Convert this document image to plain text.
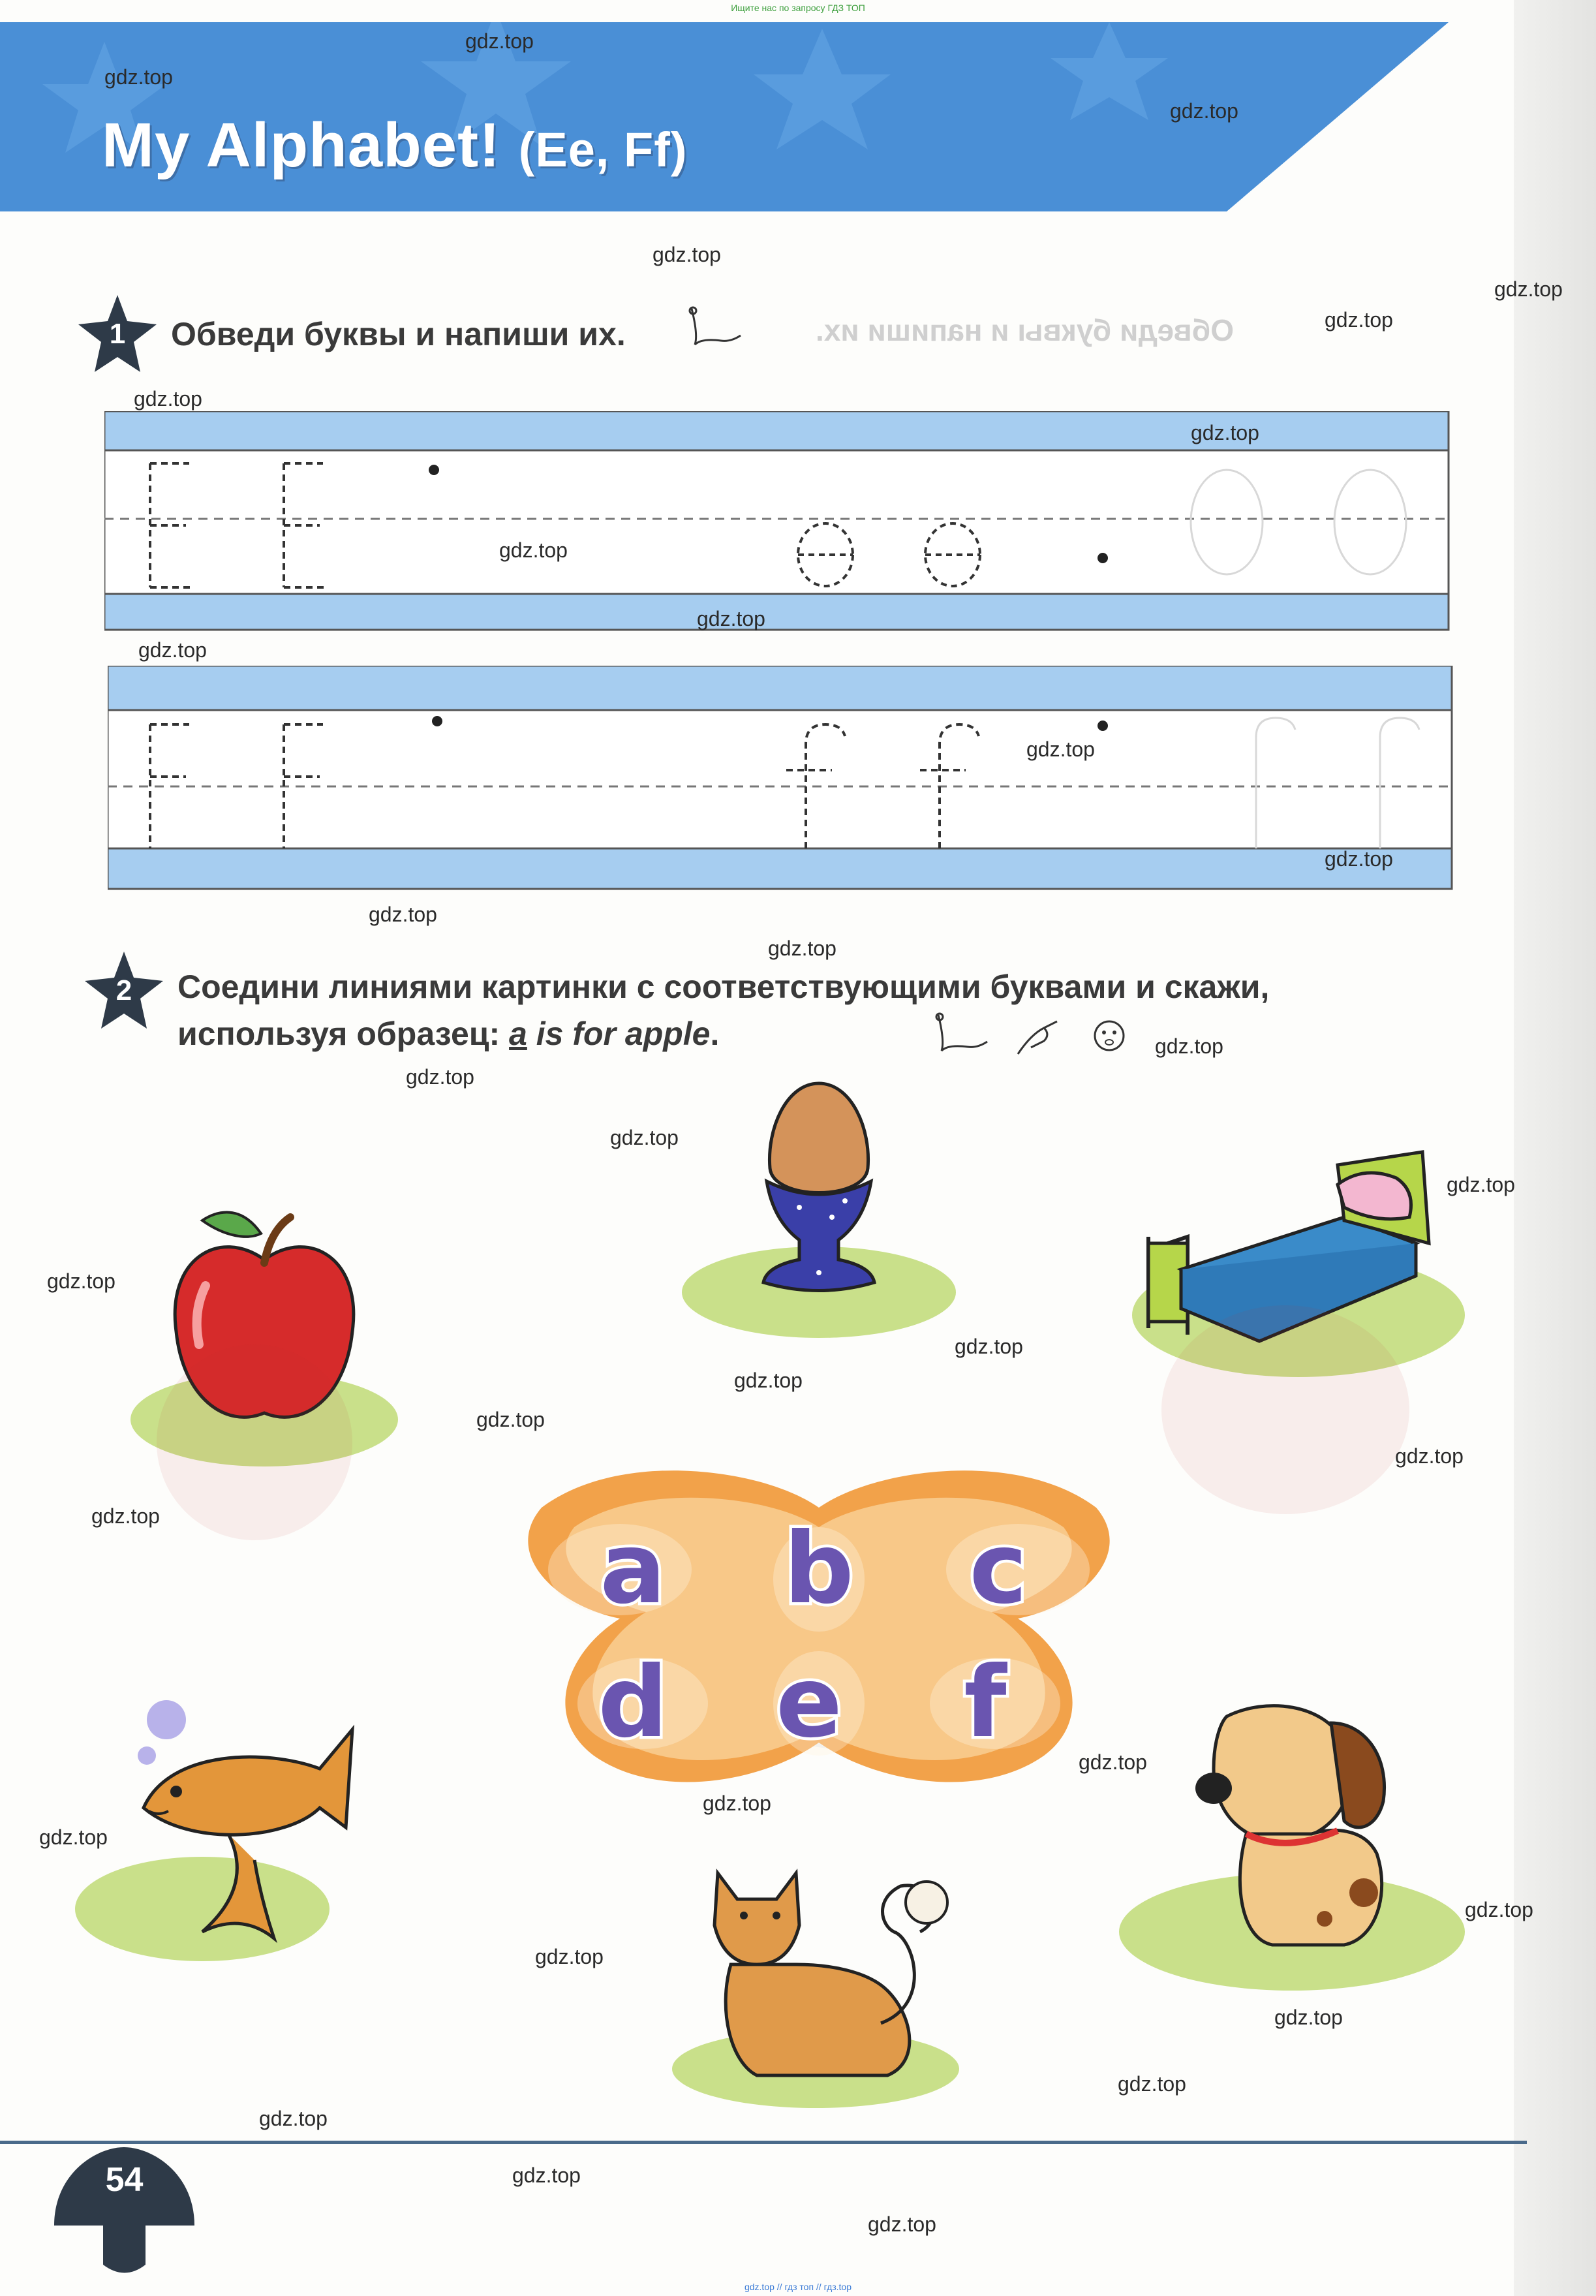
Ищите нас по запросу ГДЗ ТОП
My Alphabet! (Ee, Ff)
1	Обведи буквы и напиши их.	Обведи буквы и напиши их.
2	Соедини линиями картинки с соответствующими буквами и скажи,
используя образец: a is for apple.
a b c
d e f
54
gdz.top
gdz.top
gdz.top
gdz.top
gdz.top
gdz.top
gdz.top
gdz.top
gdz.top
gdz.top
gdz.top
gdz.top
gdz.top
gdz.top
gdz.top
gdz.top
gdz.top
gdz.top
gdz.top
gdz.top
gdz.top
gdz.top
gdz.top
gdz.top
gdz.top
gdz.top
gdz.top
gdz.top
gdz.top
gdz.top
gdz.top
gdz.top
gdz.top
gdz.top
gdz.top
gdz.top // гдз топ // гдз.top
